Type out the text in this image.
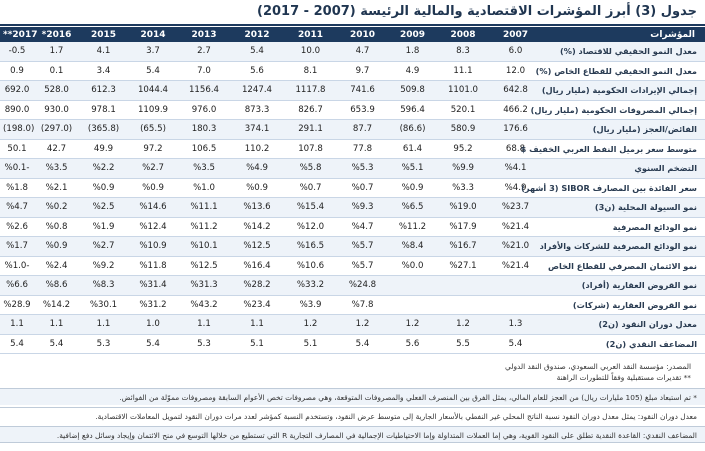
جدول (3) أبرز المؤشرات الاقتصادية والمالية الرئيسة (2007 - 2017)
**2017	*2016	2015	2014	2013	2012	2011	2010	2009	2008	2007	المؤشرات
-0.5	1.7	4.1	3.7	2.7	5.4	10.0	4.7	1.8	8.3	6.0	معدل النمو الحقيقي للاقتصاد (%)
0.9	0.1	3.4	5.4	7.0	5.6	8.1	9.7	4.9	11.1	12.0	معدل النمو الحقيقي للقطاع الخاص (%)
692.0	528.0	612.3	1044.4	1156.4	1247.4	1117.8	741.6	509.8	1101.0	642.8	إجمالي الإيرادات الحكومية (مليار ريال)
890.0	930.0	978.1	1109.9	976.0	873.3	826.7	653.9	596.4	520.1	466.2	إجمالي المصروفات الحكومية (مليار ريال)
(198.0)	(297.0)	(365.8)	(65.5)	180.3	374.1	291.1	87.7	(86.6)	580.9	176.6	الفائض/العجز (مليار ريال)
50.1	42.7	49.9	97.2	106.5	110.2	107.8	77.8	61.4	95.2	68.8	متوسط سعر برميل النفط العربي الخفيف $
%0.1-	%3.5	%2.2	%2.7	%3.5	%4.9	%5.8	%5.3	%5.1	%9.9	%4.1	التضخم السنوي
%1.8	%2.1	%0.9	%0.9	%1.0	%0.9	%0.7	%0.7	%0.9	%3.3	%4.9	سعر الفائدة بين المصارف SIBOR (3 أشهر)
%4.7	%0.2	%2.5	%14.6	%11.1	%13.6	%15.4	%9.3	%6.5	%19.0	%23.7	نمو السيولة المحلية (ن3)
%2.6	%0.8	%1.9	%12.4	%11.2	%14.2	%12.0	%4.7	%11.2	%17.9	%21.4	نمو الودائع المصرفية
%1.7	%0.9	%2.7	%10.9	%10.1	%12.5	%16.5	%5.7	%8.4	%16.7	%21.0	نمو الودائع المصرفية للشركات والأفراد
%1.0-	%2.4	%9.2	%11.8	%12.5	%16.4	%10.6	%5.7	%0.0	%27.1	%21.4	نمو الائتمان المصرفي للقطاع الخاص
%6.6	%8.6	%8.3	%31.4	%31.3	%28.2	%33.2	%24.8				نمو القروض العقارية (أفراد)
%28.9	%14.2	%30.1	%31.2	%43.2	%23.4	%3.9	%7.8				نمو القروض العقارية (شركات)
1.1	1.1	1.1	1.0	1.1	1.1	1.2	1.2	1.2	1.2	1.3	معدل دوران النقود (ن2)
5.4	5.4	5.3	5.4	5.3	5.1	5.1	5.4	5.6	5.5	5.4	المضاعف النقدي (ن2)
المصدر: مؤسسة النقد العربي السعودي، صندوق النقد الدولي
** تقديرات مستقبلية وفقاً للتطورات الراهنة
* تم استبعاد مبلغ (105 مليارات ريال) من العجز للعام المالي، يمثل الفرق بين المنصرف الفعلي والمصروفات المتوقعة، وهي مصروفات تخص الأعوام السابقة ومصروفات مموّلة من الفوائض.
معدل دوران النقود: يمثل معدل دوران النقود نسبة الناتج المحلي غير النفطي بالأسعار الجارية إلى متوسط عرض النقود، وتستخدم النسبة كمؤشر لعدد مرات دوران النقود لتمويل المعاملات الاقتصادية.
المضاعف النقدي: القاعدة النقدية تطلق على النقود القوية، وهي إما العملات المتداولة وإما الاحتياطيات الإجمالية في المصارف التجارية R التي تستطيع من خلالها التوسع في منح الائتمان وإيجاد وسائل دفع إضافية.
